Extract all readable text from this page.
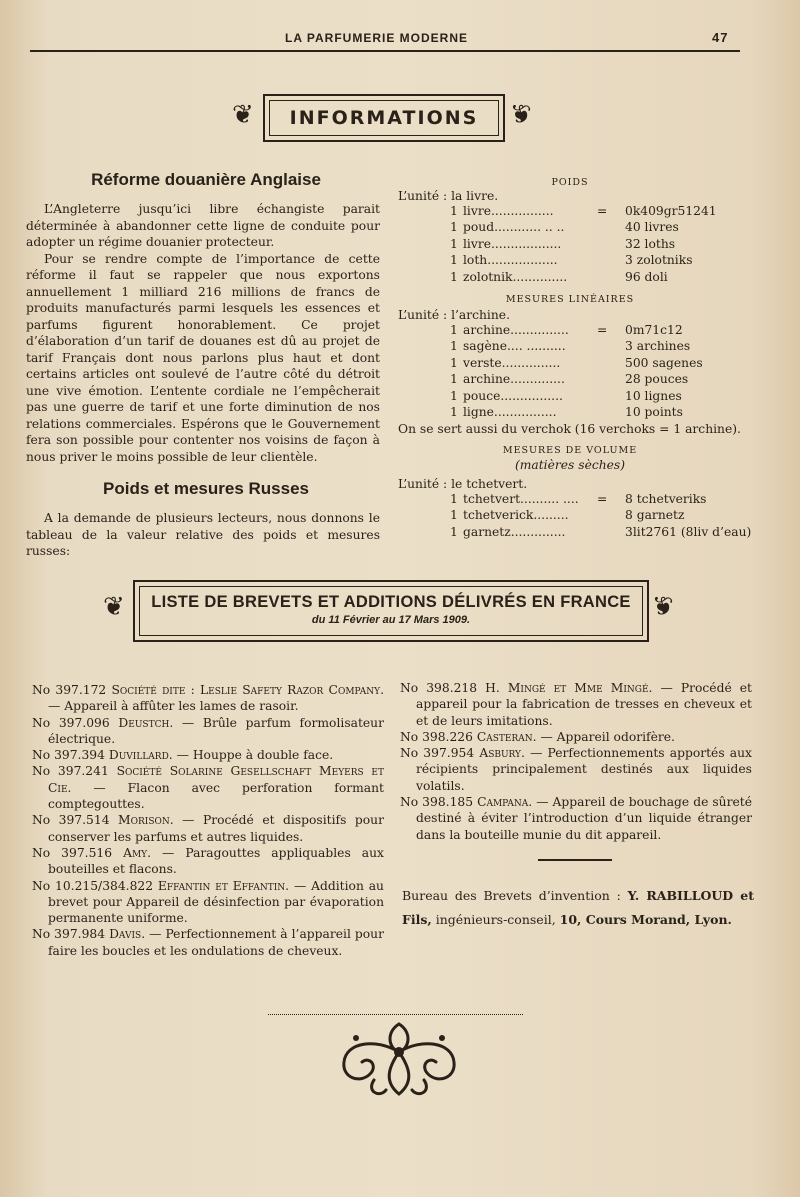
LA PARFUMERIE MODERNE	47
❦	INFORMATIONS	❦
Réforme douanière Anglaise

L’Angleterre jusqu’ici libre échangiste parait déterminée à abandonner cette ligne de conduite pour adopter un régime douanier protecteur.

Pour se rendre compte de l’importance de cette réforme il faut se rappeler que nous exportons annuellement 1 milliard 216 millions de francs de produits manufacturés parmi lesquels les essences et parfums figurent honorablement. Ce projet d’élaboration d’un tarif de douanes est dû au projet de tarif Français dont nous parlons plus haut et dont certains articles ont soulevé de l’autre côté du détroit une vive émotion. L’entente cordiale ne l’empêcherait pas une guerre de tarif et une forte diminution de nos relations commerciales. Espérons que le Gouvernement fera son possible pour contenter nos voisins de façon à nous priver le moins possible de leur clientèle.

Poids et mesures Russes

A la demande de plusieurs lecteurs, nous donnons le tableau de la valeur relative des poids et mesures russes:

POIDS
L’unité : la livre.
1 livre................	= 0k409gr51241
1 poud............ .. ..	40 livres
1 livre..................	32 loths
1 loth..................	3 zolotniks
1 zolotnik..............	96 doli
MESURES LINÉAIRES
L’unité : l’archine.
1 archine............... = 0m71c12
1 sagène.... ..........	3 archines
1 verste...............	500 sagenes
1 archine..............	28 pouces
1 pouce................	10 lignes
1 ligne................	10 points
On se sert aussi du verchok (16 verchoks = 1 archine).
MESURES DE VOLUME
(matières sèches)
L’unité : le tchetvert.
1 tchetvert.......... .... = 8 tchetveriks
1 tchetverick.........	8 garnetz
1 garnetz..............	3lit2761 (8liv d’eau)
❦	LISTE DE BREVETS ET ADDITIONS DÉLIVRÉS EN FRANCE
du 11 Février au 17 Mars 1909.	❦

No 397.172 Société dite : Leslie Safety Razor Company. — Appareil à affûter les lames de rasoir.

No 397.096 Deustch. — Brûle parfum formolisateur électrique.

No 397.394 Duvillard. — Houppe à double face.

No 397.241 Société Solarine Gesellschaft Meyers et Cie. — Flacon avec perforation formant comptegouttes.

No 397.514 Morison. — Procédé et dispositifs pour conserver les parfums et autres liquides.

No 397.516 Amy. — Paragouttes appliquables aux bouteilles et flacons.

No 10.215/384.822 Effantin et Effantin. — Addition au brevet pour Appareil de désinfection par évaporation permanente uniforme.

No 397.984 Davis. — Perfectionnement à l’appareil pour faire les boucles et les ondulations de cheveux.

No 398.218 H. Mingé et Mme Mingé. — Procédé et appareil pour la fabrication de tresses en cheveux et et de leurs imitations.

No 398.226 Casteran. — Appareil odorifère.

No 397.954 Asbury. — Perfectionnements apportés aux récipients principalement destinés aux liquides volatils.

No 398.185 Campana. — Appareil de bouchage de sûreté destiné à éviter l’introduction d’un liquide étranger dans la bouteille munie du dit appareil.

Bureau des Brevets d’invention : Y. RABILLOUD et Fils, ingénieurs-conseil, 10, Cours Morand, Lyon.
